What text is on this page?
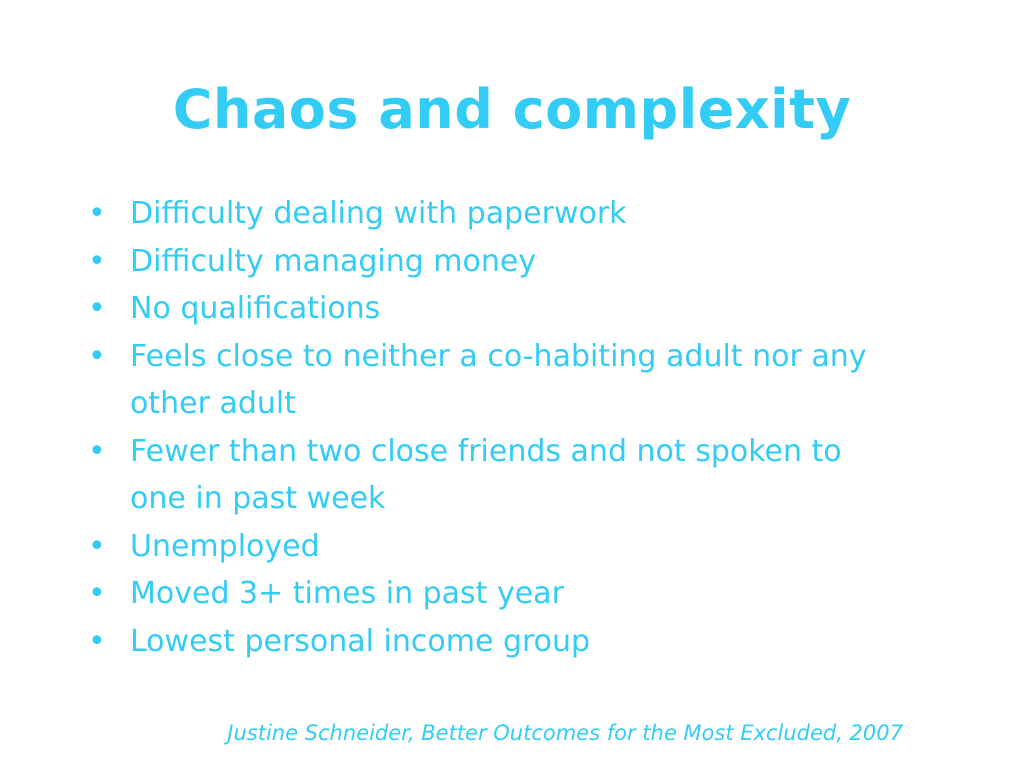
Chaos and complexity
• Difficulty dealing with paperwork
• Difficulty managing money
• No qualifications
• Feels close to neither a co-habiting adult nor any other adult
• Fewer than two close friends and not spoken to one in past week
• Unemployed
• Moved 3+ times in past year
• Lowest personal income group

Justine Schneider, Better Outcomes for the Most Excluded, 2007
